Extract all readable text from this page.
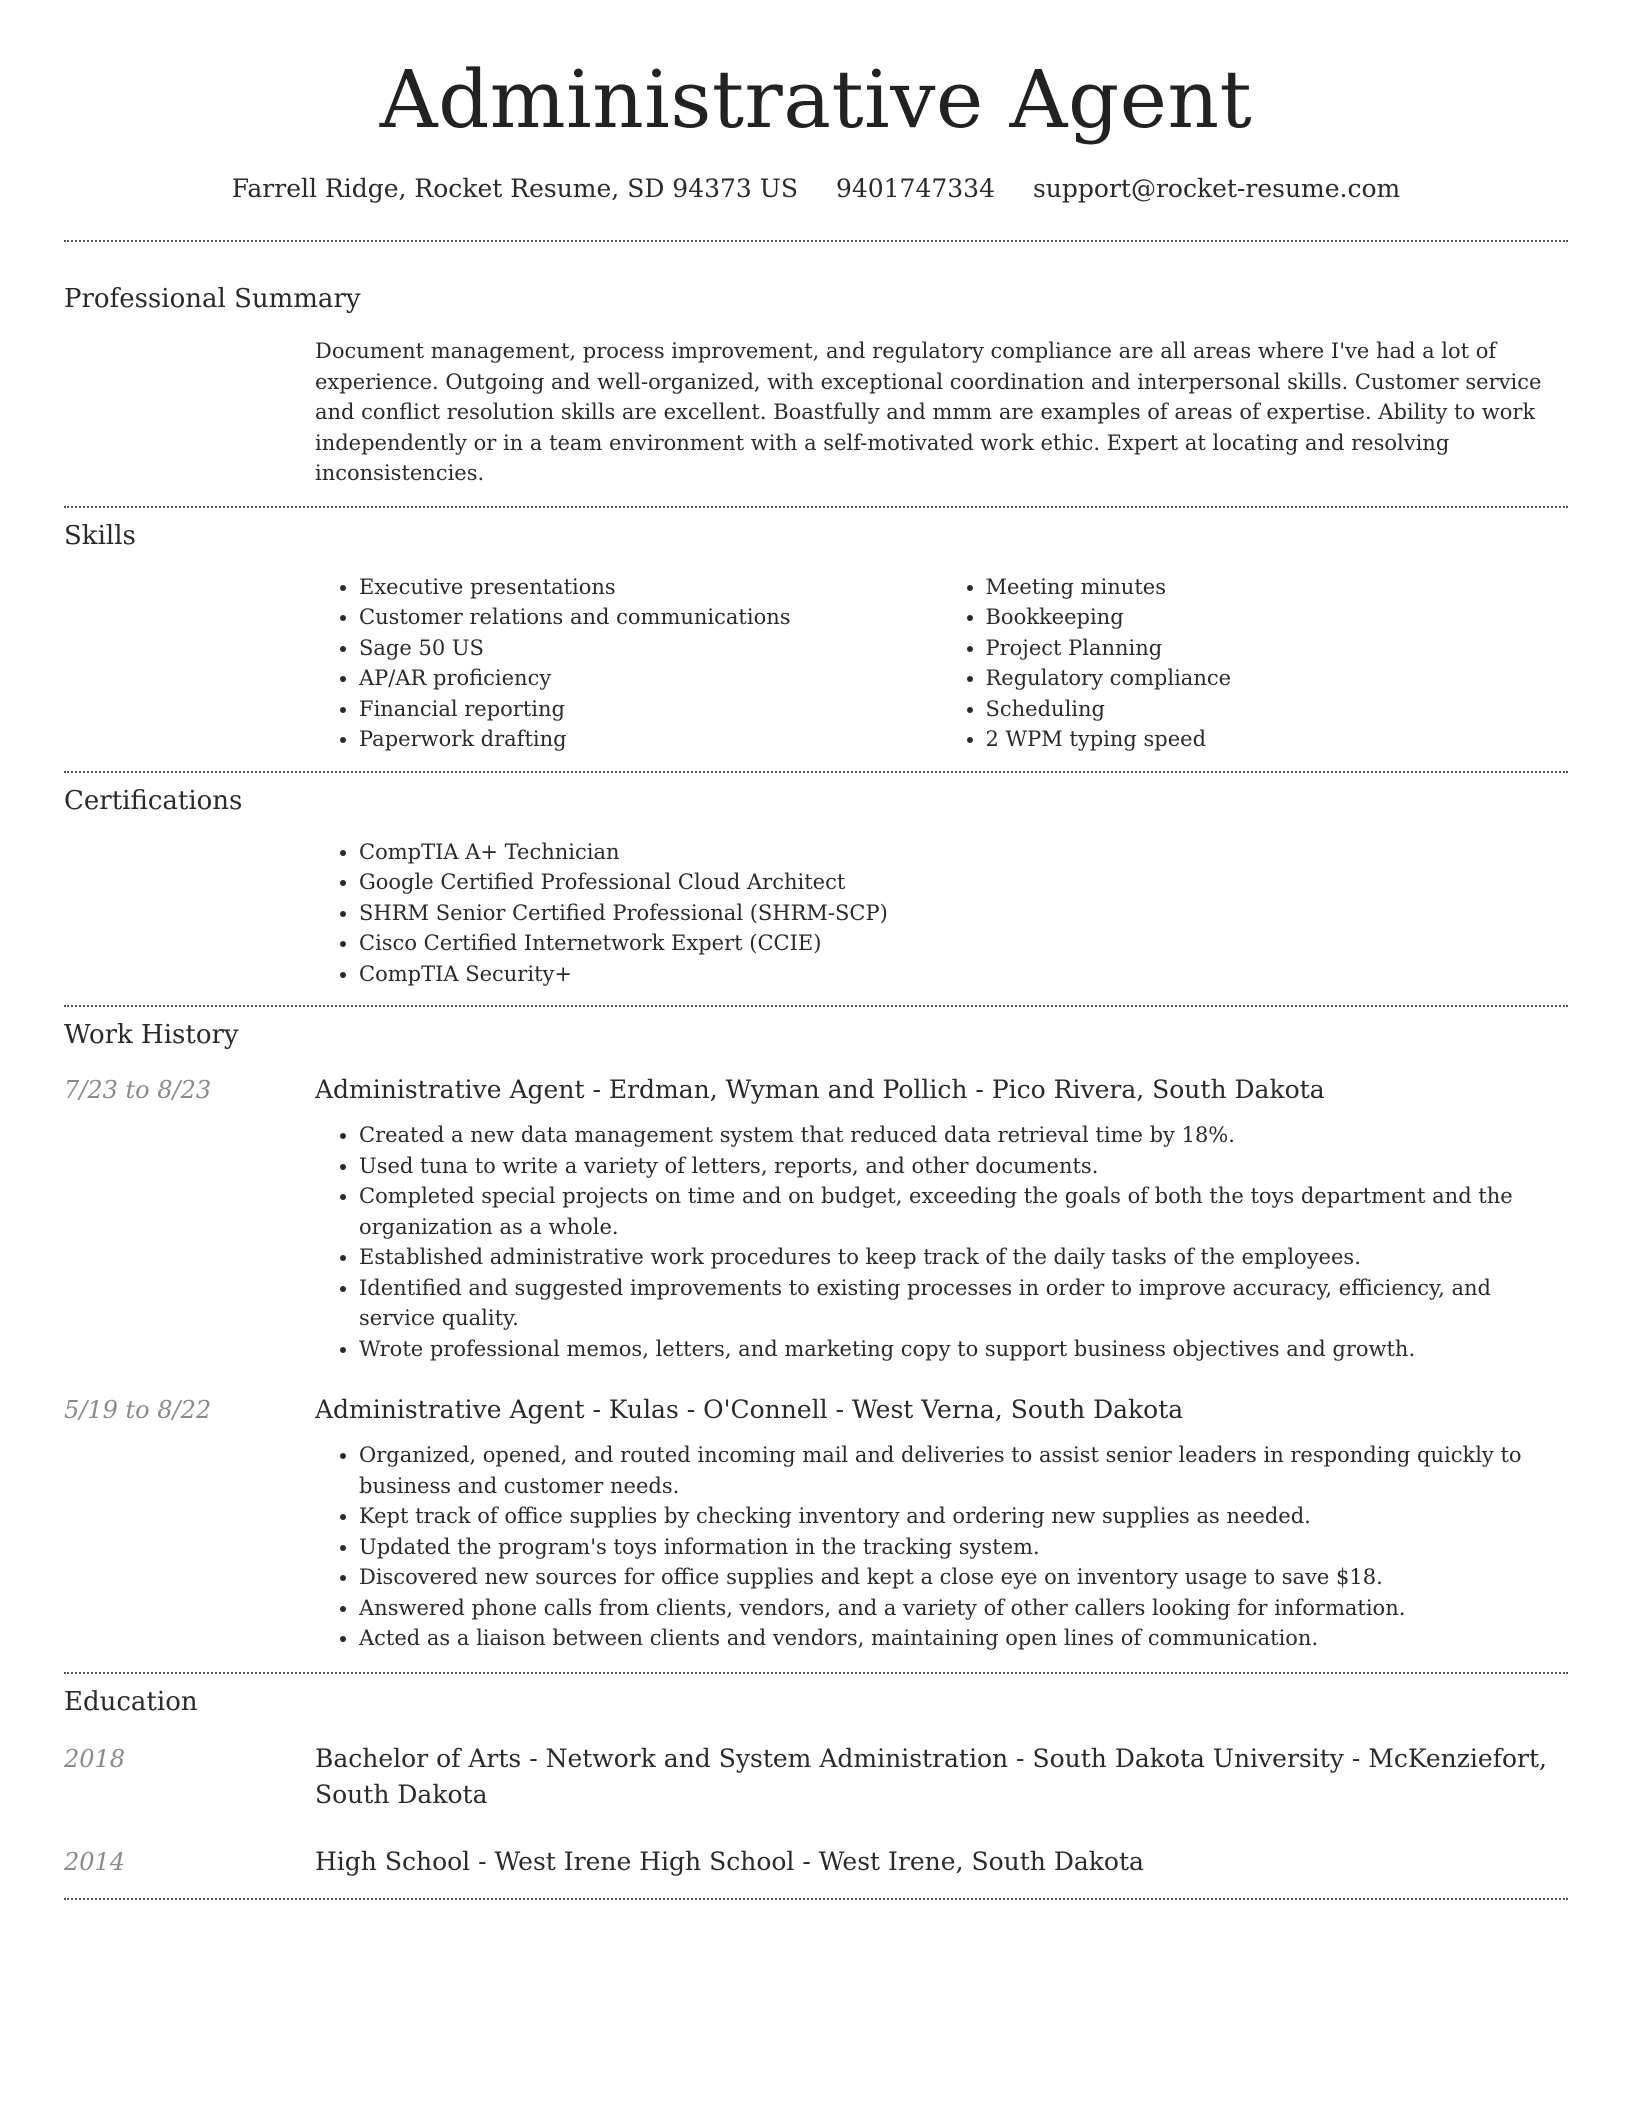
Administrative Agent
Farrell Ridge, Rocket Resume, SD 94373 US 9401747334 support@rocket-resume.com
Professional Summary

Document management, process improvement, and regulatory compliance are all areas where I've had a lot of experience. Outgoing and well-organized, with exceptional coordination and interpersonal skills. Customer service and conflict resolution skills are excellent. Boastfully and mmm are examples of areas of expertise. Ability to work independently or in a team environment with a self-motivated work ethic. Expert at locating and resolving inconsistencies.

Skills
• Executive presentations
• Customer relations and communications
• Sage 50 US
• AP/AR proficiency
• Financial reporting
• Paperwork drafting
• Meeting minutes
• Bookkeeping
• Project Planning
• Regulatory compliance
• Scheduling
• 2 WPM typing speed
Certifications
• CompTIA A+ Technician
• Google Certified Professional Cloud Architect
• SHRM Senior Certified Professional (SHRM-SCP)
• Cisco Certified Internetwork Expert (CCIE)
• CompTIA Security+
Work History
7/23 to 8/23	Administrative Agent - Erdman, Wyman and Pollich - Pico Rivera, South Dakota
• Created a new data management system that reduced data retrieval time by 18%.
• Used tuna to write a variety of letters, reports, and other documents.
• Completed special projects on time and on budget, exceeding the goals of both the toys department and the organization as a whole.
• Established administrative work procedures to keep track of the daily tasks of the employees.
• Identified and suggested improvements to existing processes in order to improve accuracy, efficiency, and service quality.
• Wrote professional memos, letters, and marketing copy to support business objectives and growth.
5/19 to 8/22	Administrative Agent - Kulas - O'Connell - West Verna, South Dakota
• Organized, opened, and routed incoming mail and deliveries to assist senior leaders in responding quickly to business and customer needs.
• Kept track of office supplies by checking inventory and ordering new supplies as needed.
• Updated the program's toys information in the tracking system.
• Discovered new sources for office supplies and kept a close eye on inventory usage to save $18.
• Answered phone calls from clients, vendors, and a variety of other callers looking for information.
• Acted as a liaison between clients and vendors, maintaining open lines of communication.
Education
2018	Bachelor of Arts - Network and System Administration - South Dakota University - McKenziefort, South Dakota
2014	High School - West Irene High School - West Irene, South Dakota
